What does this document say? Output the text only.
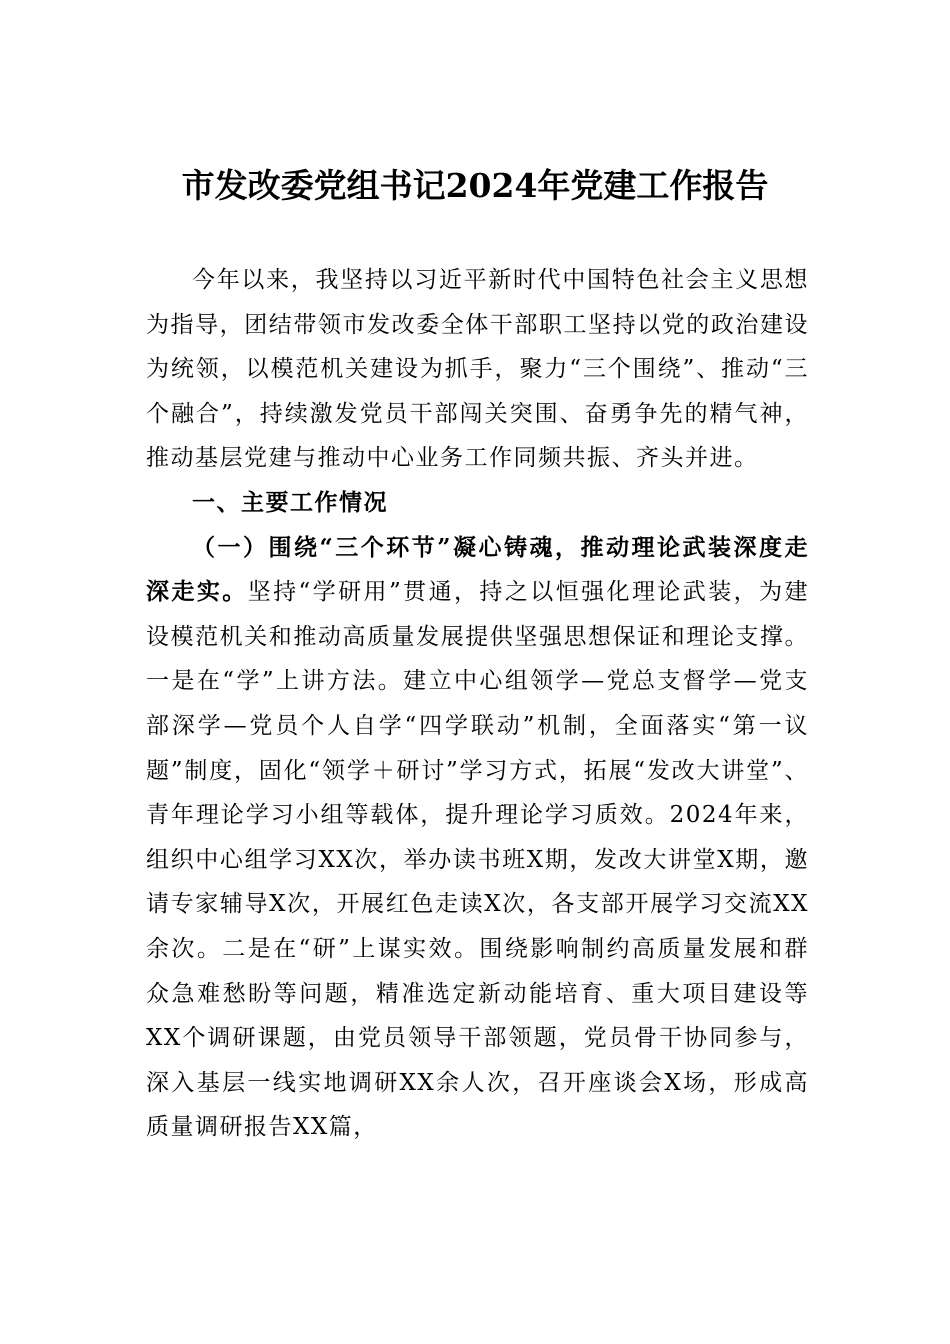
市发改委党组书记2024年党建工作报告

今年以来，我坚持以习近平新时代中国特色社会主义思想为指导，团结带领市发改委全体干部职工坚持以党的政治建设为统领，以模范机关建设为抓手，聚力“三个围绕”、推动“三个融合”，持续激发党员干部闯关突围、奋勇争先的精气神，推动基层党建与推动中心业务工作同频共振、齐头并进。

一、主要工作情况

（一）围绕“三个环节”凝心铸魂，推动理论武装深度走深走实。坚持“学研用”贯通，持之以恒强化理论武装，为建设模范机关和推动高质量发展提供坚强思想保证和理论支撑。一是在“学”上讲方法。建立中心组领学—党总支督学—党支部深学—党员个人自学“四学联动”机制，全面落实“第一议题”制度，固化“领学＋研讨”学习方式，拓展“发改大讲堂”、青年理论学习小组等载体，提升理论学习质效。2024年来，组织中心组学习XX次，举办读书班X期，发改大讲堂X期，邀请专家辅导X次，开展红色走读X次，各支部开展学习交流XX余次。二是在“研”上谋实效。围绕影响制约高质量发展和群众急难愁盼等问题，精准选定新动能培育、重大项目建设等XX个调研课题，由党员领导干部领题，党员骨干协同参与，深入基层一线实地调研XX余人次，召开座谈会X场，形成高质量调研报告XX篇，
